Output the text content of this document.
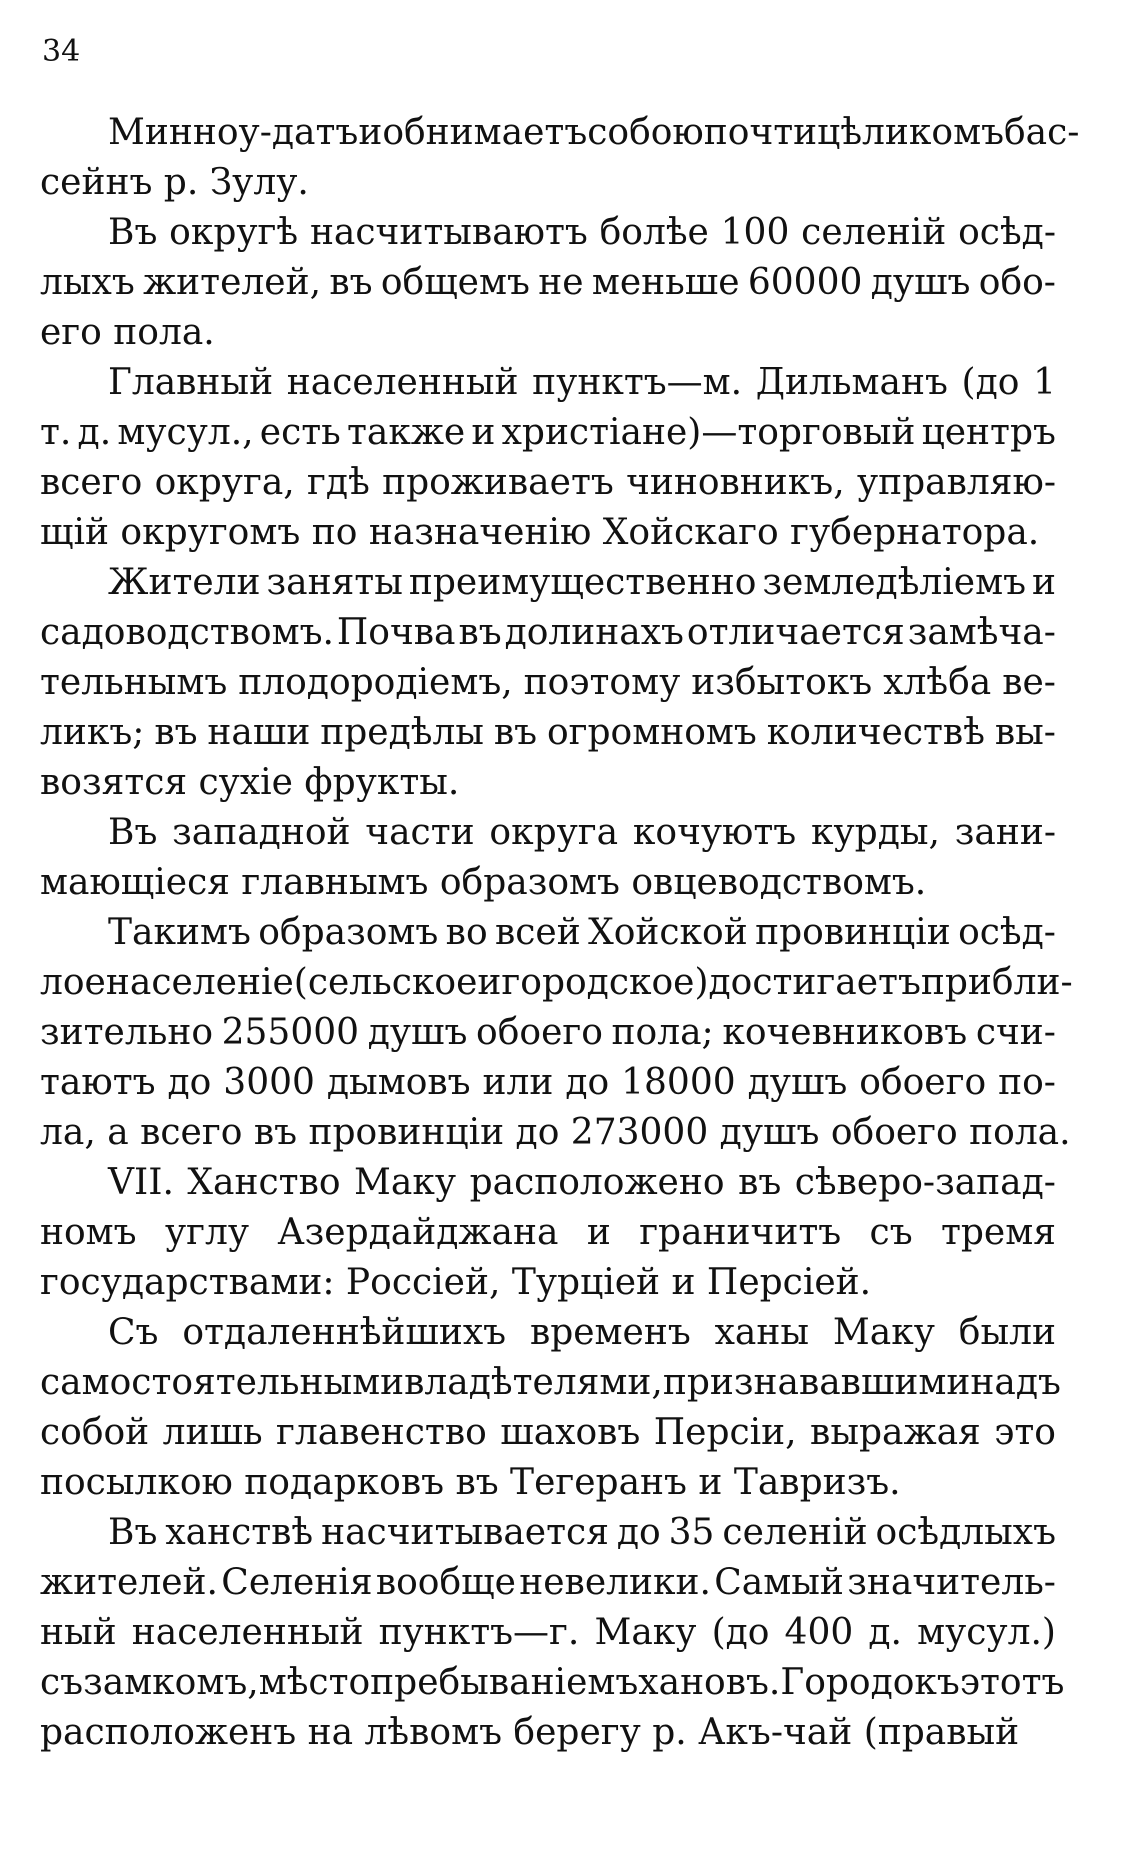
34
Минноу-датъ и обнимаетъ собою почти цѣликомъ бас-
сейнъ р. Зулу.
Въ округѣ насчитываютъ болѣе 100 селеній осѣд-
лыхъ жителей, въ общемъ не меньше 60000 душъ обо-
его пола.
Главный населенный пунктъ—м. Дильманъ (до 1
т. д. мусул., есть также и христіане)—торговый центръ
всего округа, гдѣ проживаетъ чиновникъ, управляю-
щій округомъ по назначенію Хойскаго губернатора.
Жители заняты преимущественно земледѣліемъ и
садоводствомъ. Почва въ долинахъ отличается замѣча-
тельнымъ плодородіемъ, поэтому избытокъ хлѣба ве-
ликъ; въ наши предѣлы въ огромномъ количествѣ вы-
возятся сухіе фрукты.
Въ западной части округа кочуютъ курды, зани-
мающіеся главнымъ образомъ овцеводствомъ.
Такимъ образомъ во всей Хойской провинціи осѣд-
лое населеніе (сельское и городское) достигаетъ прибли-
зительно 255000 душъ обоего пола; кочевниковъ счи-
таютъ до 3000 дымовъ или до 18000 душъ обоего по-
ла, а всего въ провинціи до 273000 душъ обоего пола.
VII. Ханство Маку расположено въ сѣверо-запад-
номъ углу Азердайджана и граничитъ съ тремя
государствами: Россіей, Турціей и Персіей.
Съ отдаленнѣйшихъ временъ ханы Маку были
самостоятельными владѣтелями, признававшими надъ
собой лишь главенство шаховъ Персіи, выражая это
посылкою подарковъ въ Тегеранъ и Тавризъ.
Въ ханствѣ насчитывается до 35 селеній осѣдлыхъ
жителей. Селенія вообще невелики. Самый значитель-
ный населенный пунктъ—г. Маку (до 400 д. мусул.)
съ замкомъ, мѣстопребываніемъ хановъ. Городокъ этотъ
расположенъ на лѣвомъ берегу р. Акъ-чай (правый
